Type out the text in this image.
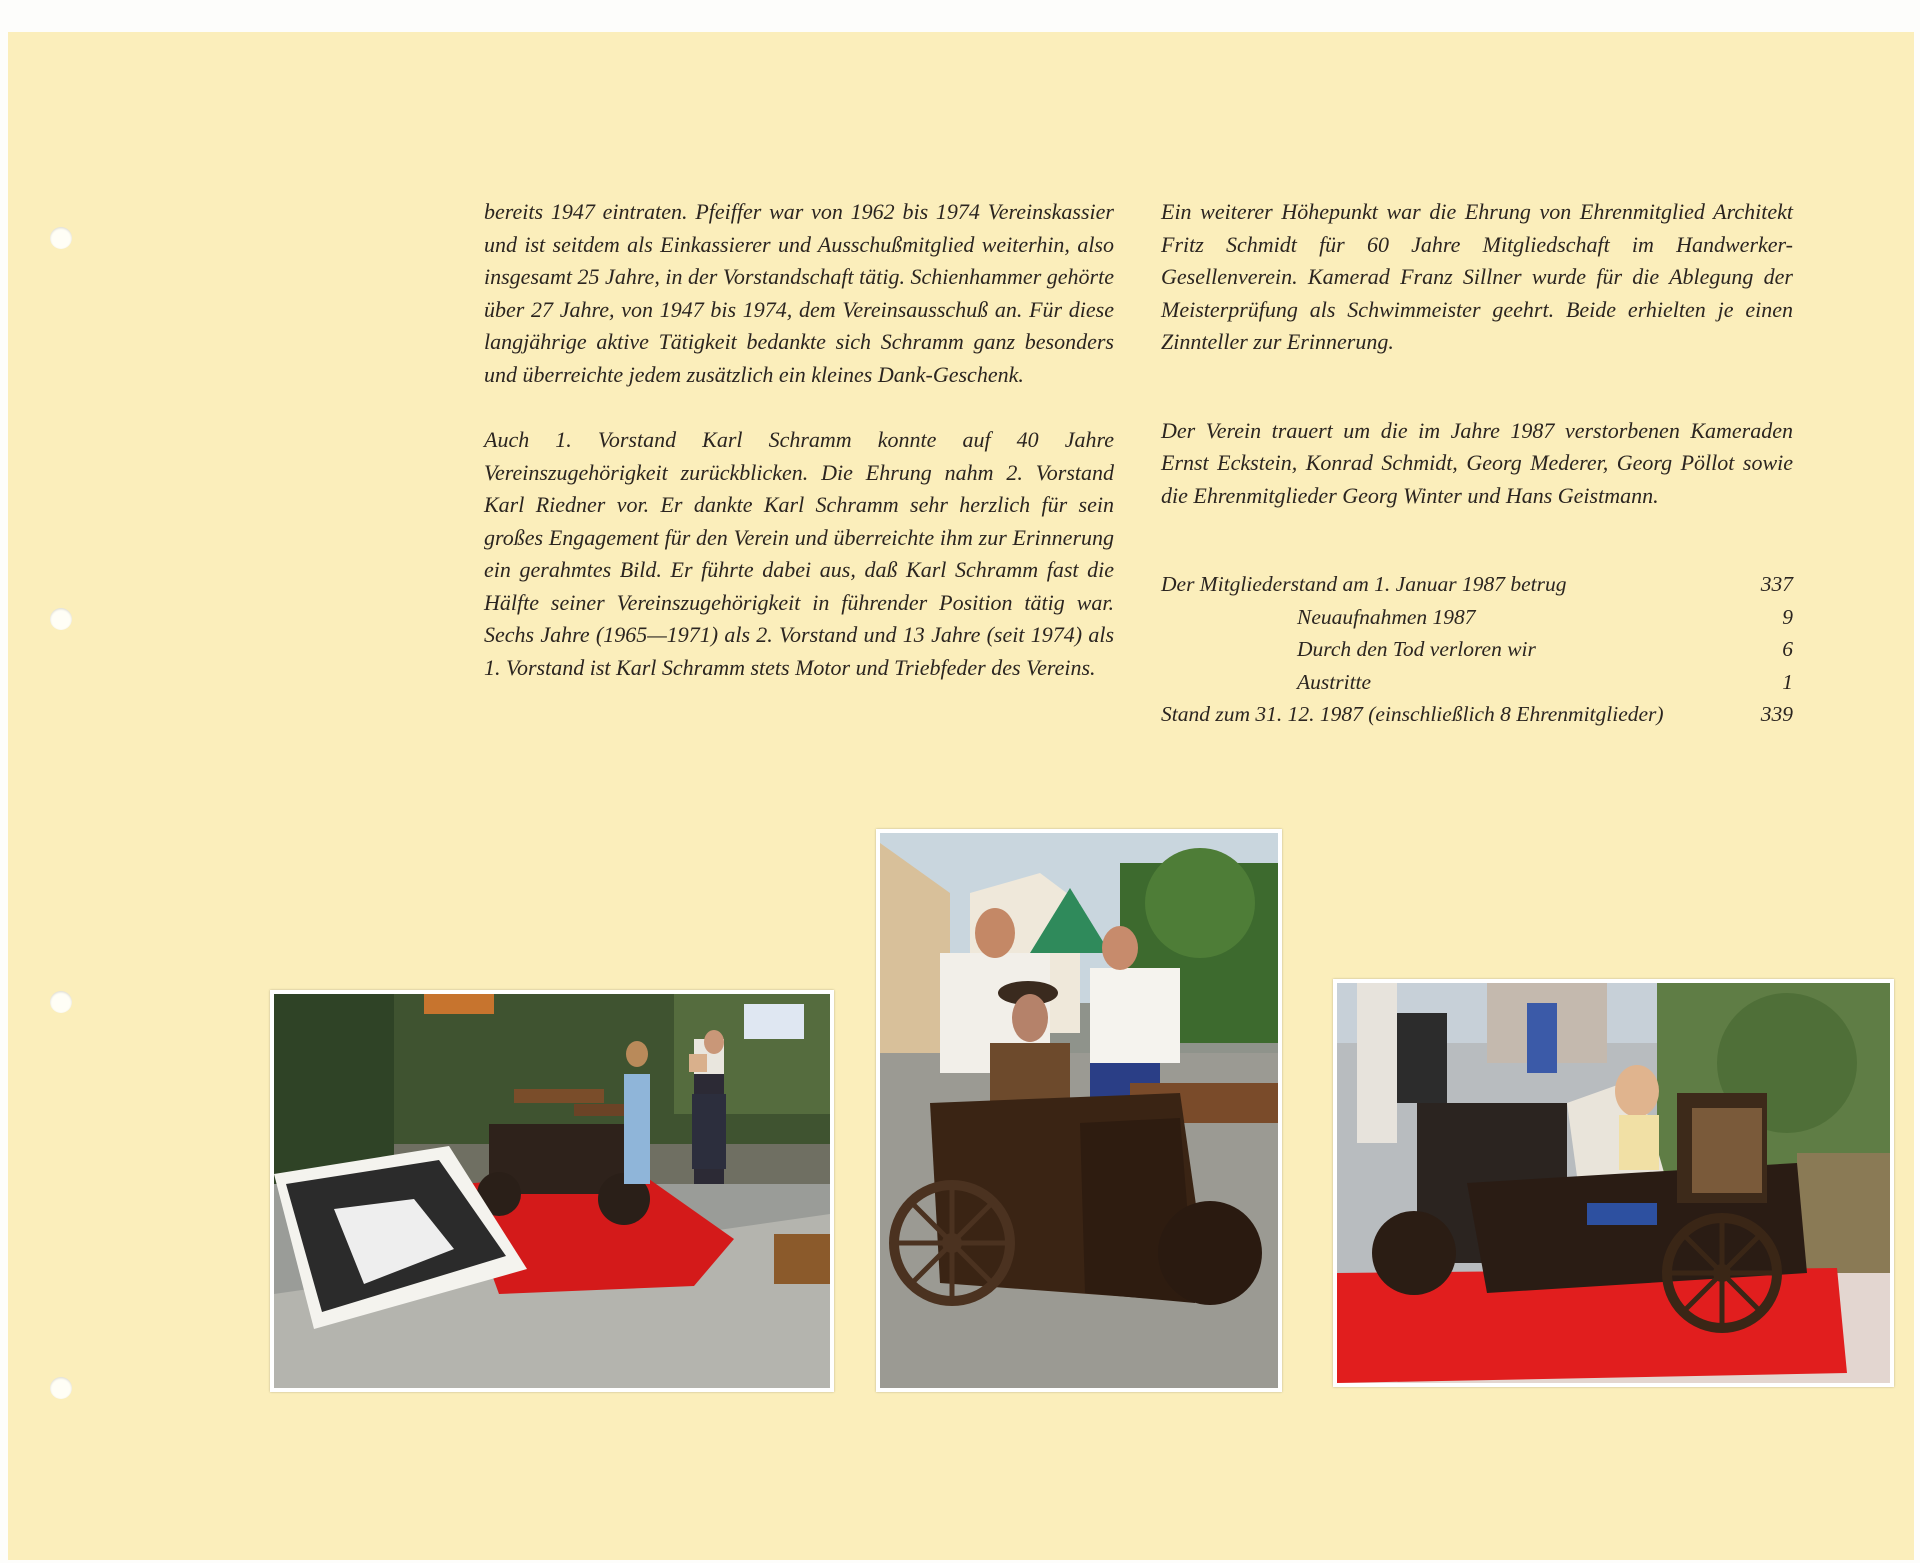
bereits 1947 eintraten. Pfeiffer war von 1962 bis 1974 Vereinskassier und ist seitdem als Einkassierer und Ausschußmitglied weiterhin, also insgesamt 25 Jahre, in der Vorstandschaft tätig. Schienhammer gehörte über 27 Jahre, von 1947 bis 1974, dem Vereinsausschuß an. Für diese langjährige aktive Tätigkeit bedankte sich Schramm ganz besonders und überreichte jedem zusätzlich ein kleines Dank-Geschenk.

Auch 1. Vorstand Karl Schramm konnte auf 40 Jahre Vereinszugehörigkeit zurückblicken. Die Ehrung nahm 2. Vorstand Karl Riedner vor. Er dankte Karl Schramm sehr herzlich für sein großes Engagement für den Verein und überreichte ihm zur Erinnerung ein gerahmtes Bild. Er führte dabei aus, daß Karl Schramm fast die Hälfte seiner Vereinszugehörigkeit in führender Position tätig war. Sechs Jahre (1965—1971) als 2. Vorstand und 13 Jahre (seit 1974) als 1. Vorstand ist Karl Schramm stets Motor und Triebfeder des Vereins.

Ein weiterer Höhepunkt war die Ehrung von Ehrenmitglied Architekt Fritz Schmidt für 60 Jahre Mitgliedschaft im Handwerker-Gesellenverein. Kamerad Franz Sillner wurde für die Ablegung der Meisterprüfung als Schwimmeister geehrt. Beide erhielten je einen Zinnteller zur Erinnerung.

Der Verein trauert um die im Jahre 1987 verstorbenen Kameraden Ernst Eckstein, Konrad Schmidt, Georg Mederer, Georg Pöllot sowie die Ehrenmitglieder Georg Winter und Hans Geistmann.

Der Mitgliederstand am 1. Januar 1987 betrug	337
Neuaufnahmen 1987	9
Durch den Tod verloren wir	6
Austritte	1
Stand zum 31. 12. 1987 (einschließlich 8 Ehrenmitglieder)	339
